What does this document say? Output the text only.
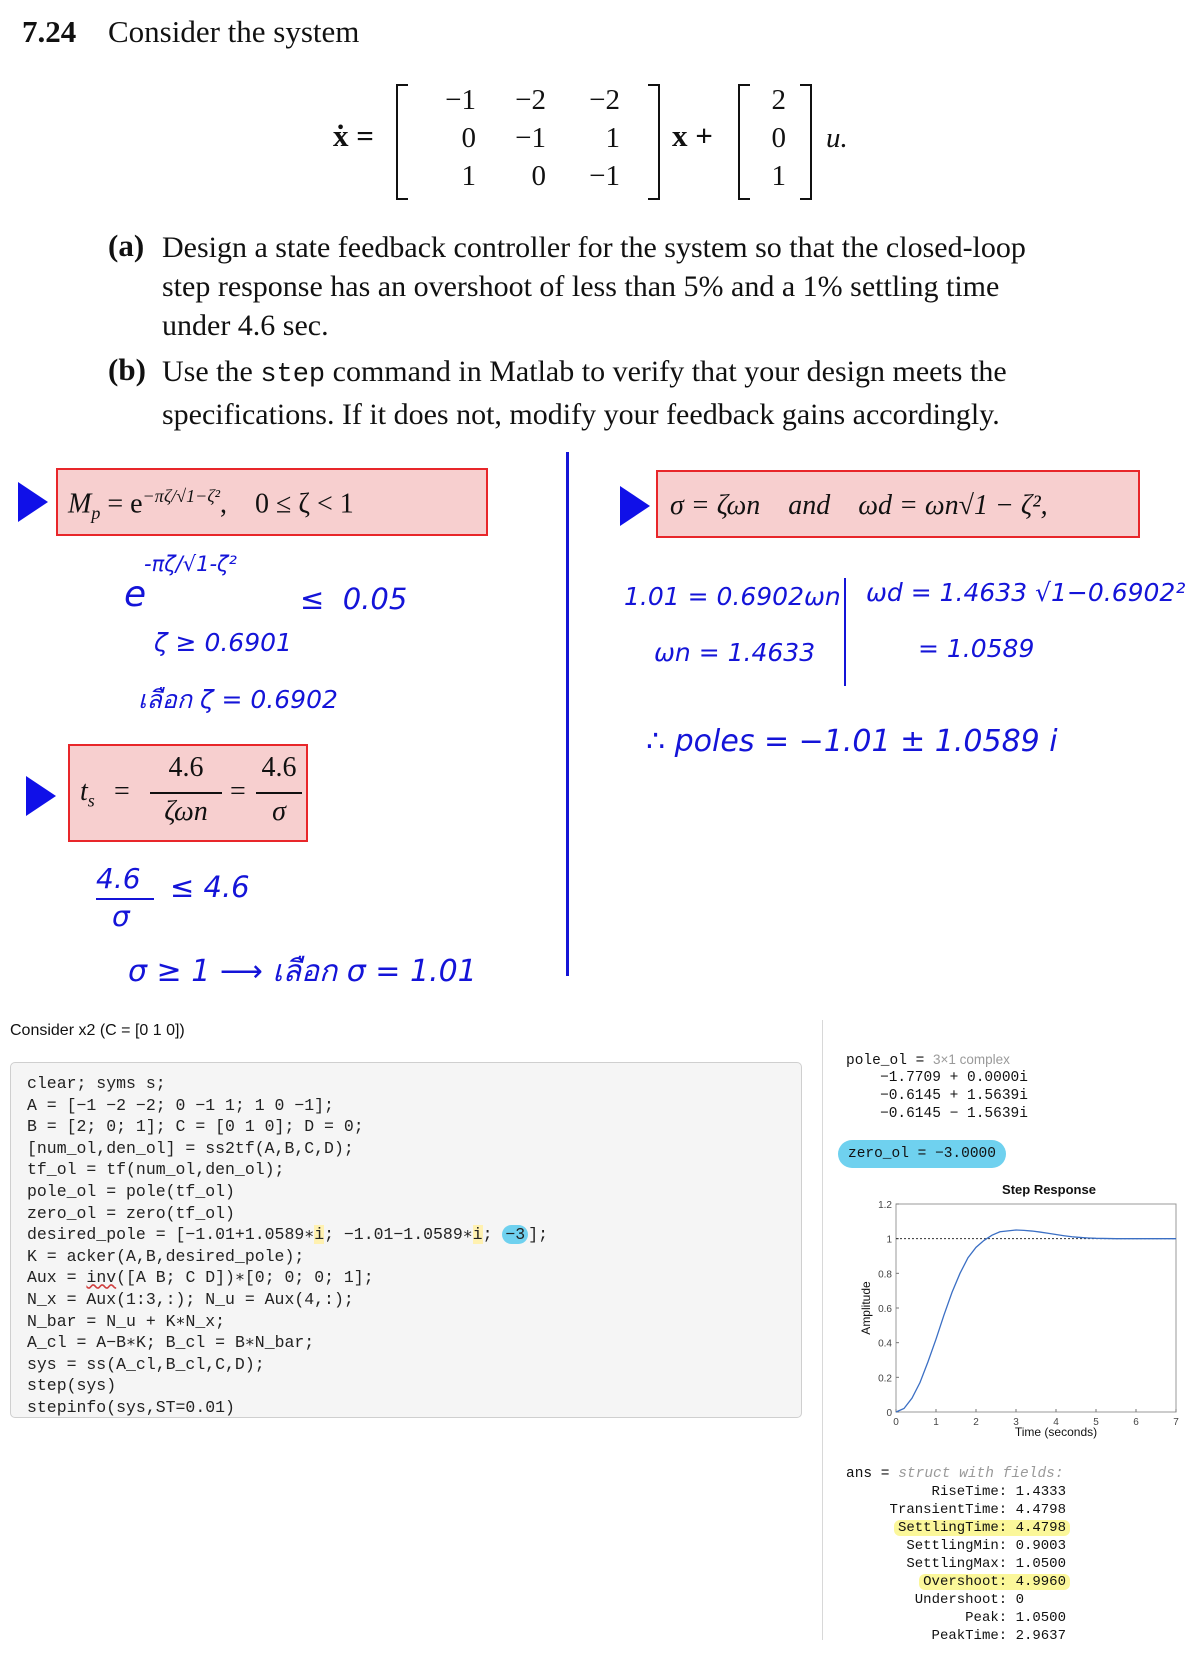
7.24 Consider the system
ẋ =
−1	−2	−2
0	−1	1
1	0	−1
x +
2
0
1
u.
(a) Design a state feedback controller for the system so that the closed-loop
step response has an overshoot of less than 5% and a 1% settling time
under 4.6 sec.
(b) Use the step command in Matlab to verify that your design meets the
specifications. If it does not, modify your feedback gains accordingly.
$M_p = e^{-\pi\zeta/√1-\zeta^2}$,    0 ≤ ζ < 1
-πζ/√1-ζ²
e	≤  0.05
ζ ≥ 0.6901
เลือก ζ = 0.6902
$t_s$ =
4.6
ζωn
=
4.6
σ
4.6
σ
≤ 4.6
σ ≥ 1 ⟶ เลือก σ = 1.01
σ = ζωn    and    ωd = ωn√1 − ζ²,
1.01 = 0.6902ωn
ωn = 1.4633
ωd = 1.4633 √1−0.6902²
= 1.0589
∴ poles = −1.01 ± 1.0589 i
Consider x2 (C = [0 1 0])
clear; syms s;
A = [−1 −2 −2; 0 −1 1; 1 0 −1];
B = [2; 0; 1]; C = [0 1 0]; D = 0;
[num_ol,den_ol] = ss2tf(A,B,C,D);
tf_ol = tf(num_ol,den_ol);
pole_ol = pole(tf_ol)
zero_ol = zero(tf_ol)
desired_pole = [−1.01+1.0589∗i; −1.01−1.0589∗i; −3 ];
K = acker(A,B,desired_pole);
Aux = inv([A B; C D])∗[0; 0; 0; 1];
N_x = Aux(1:3,:); N_u = Aux(4,:);
N_bar = N_u + K∗N_x;
A_cl = A−B∗K; B_cl = B∗N_bar;
sys = ss(A_cl,B_cl,C,D);
step(sys)
stepinfo(sys,ST=0.01)
pole_ol = 3×1 complex
−1.7709 + 0.0000i
−0.6145 + 1.5639i
−0.6145 − 1.5639i
zero_ol = −3.0000
Step Response
0
0.2
0.4
0.6
0.8
1
1.2
0	1	2	3	4	5	6	7
Time (seconds)
Amplitude
ans = struct with fields:
RiseTime: 1.4333
TransientTime: 4.4798
SettlingTime: 4.4798
SettlingMin: 0.9003
SettlingMax: 1.0500
Overshoot: 4.9960
Undershoot: 0
Peak: 1.0500
PeakTime: 2.9637
